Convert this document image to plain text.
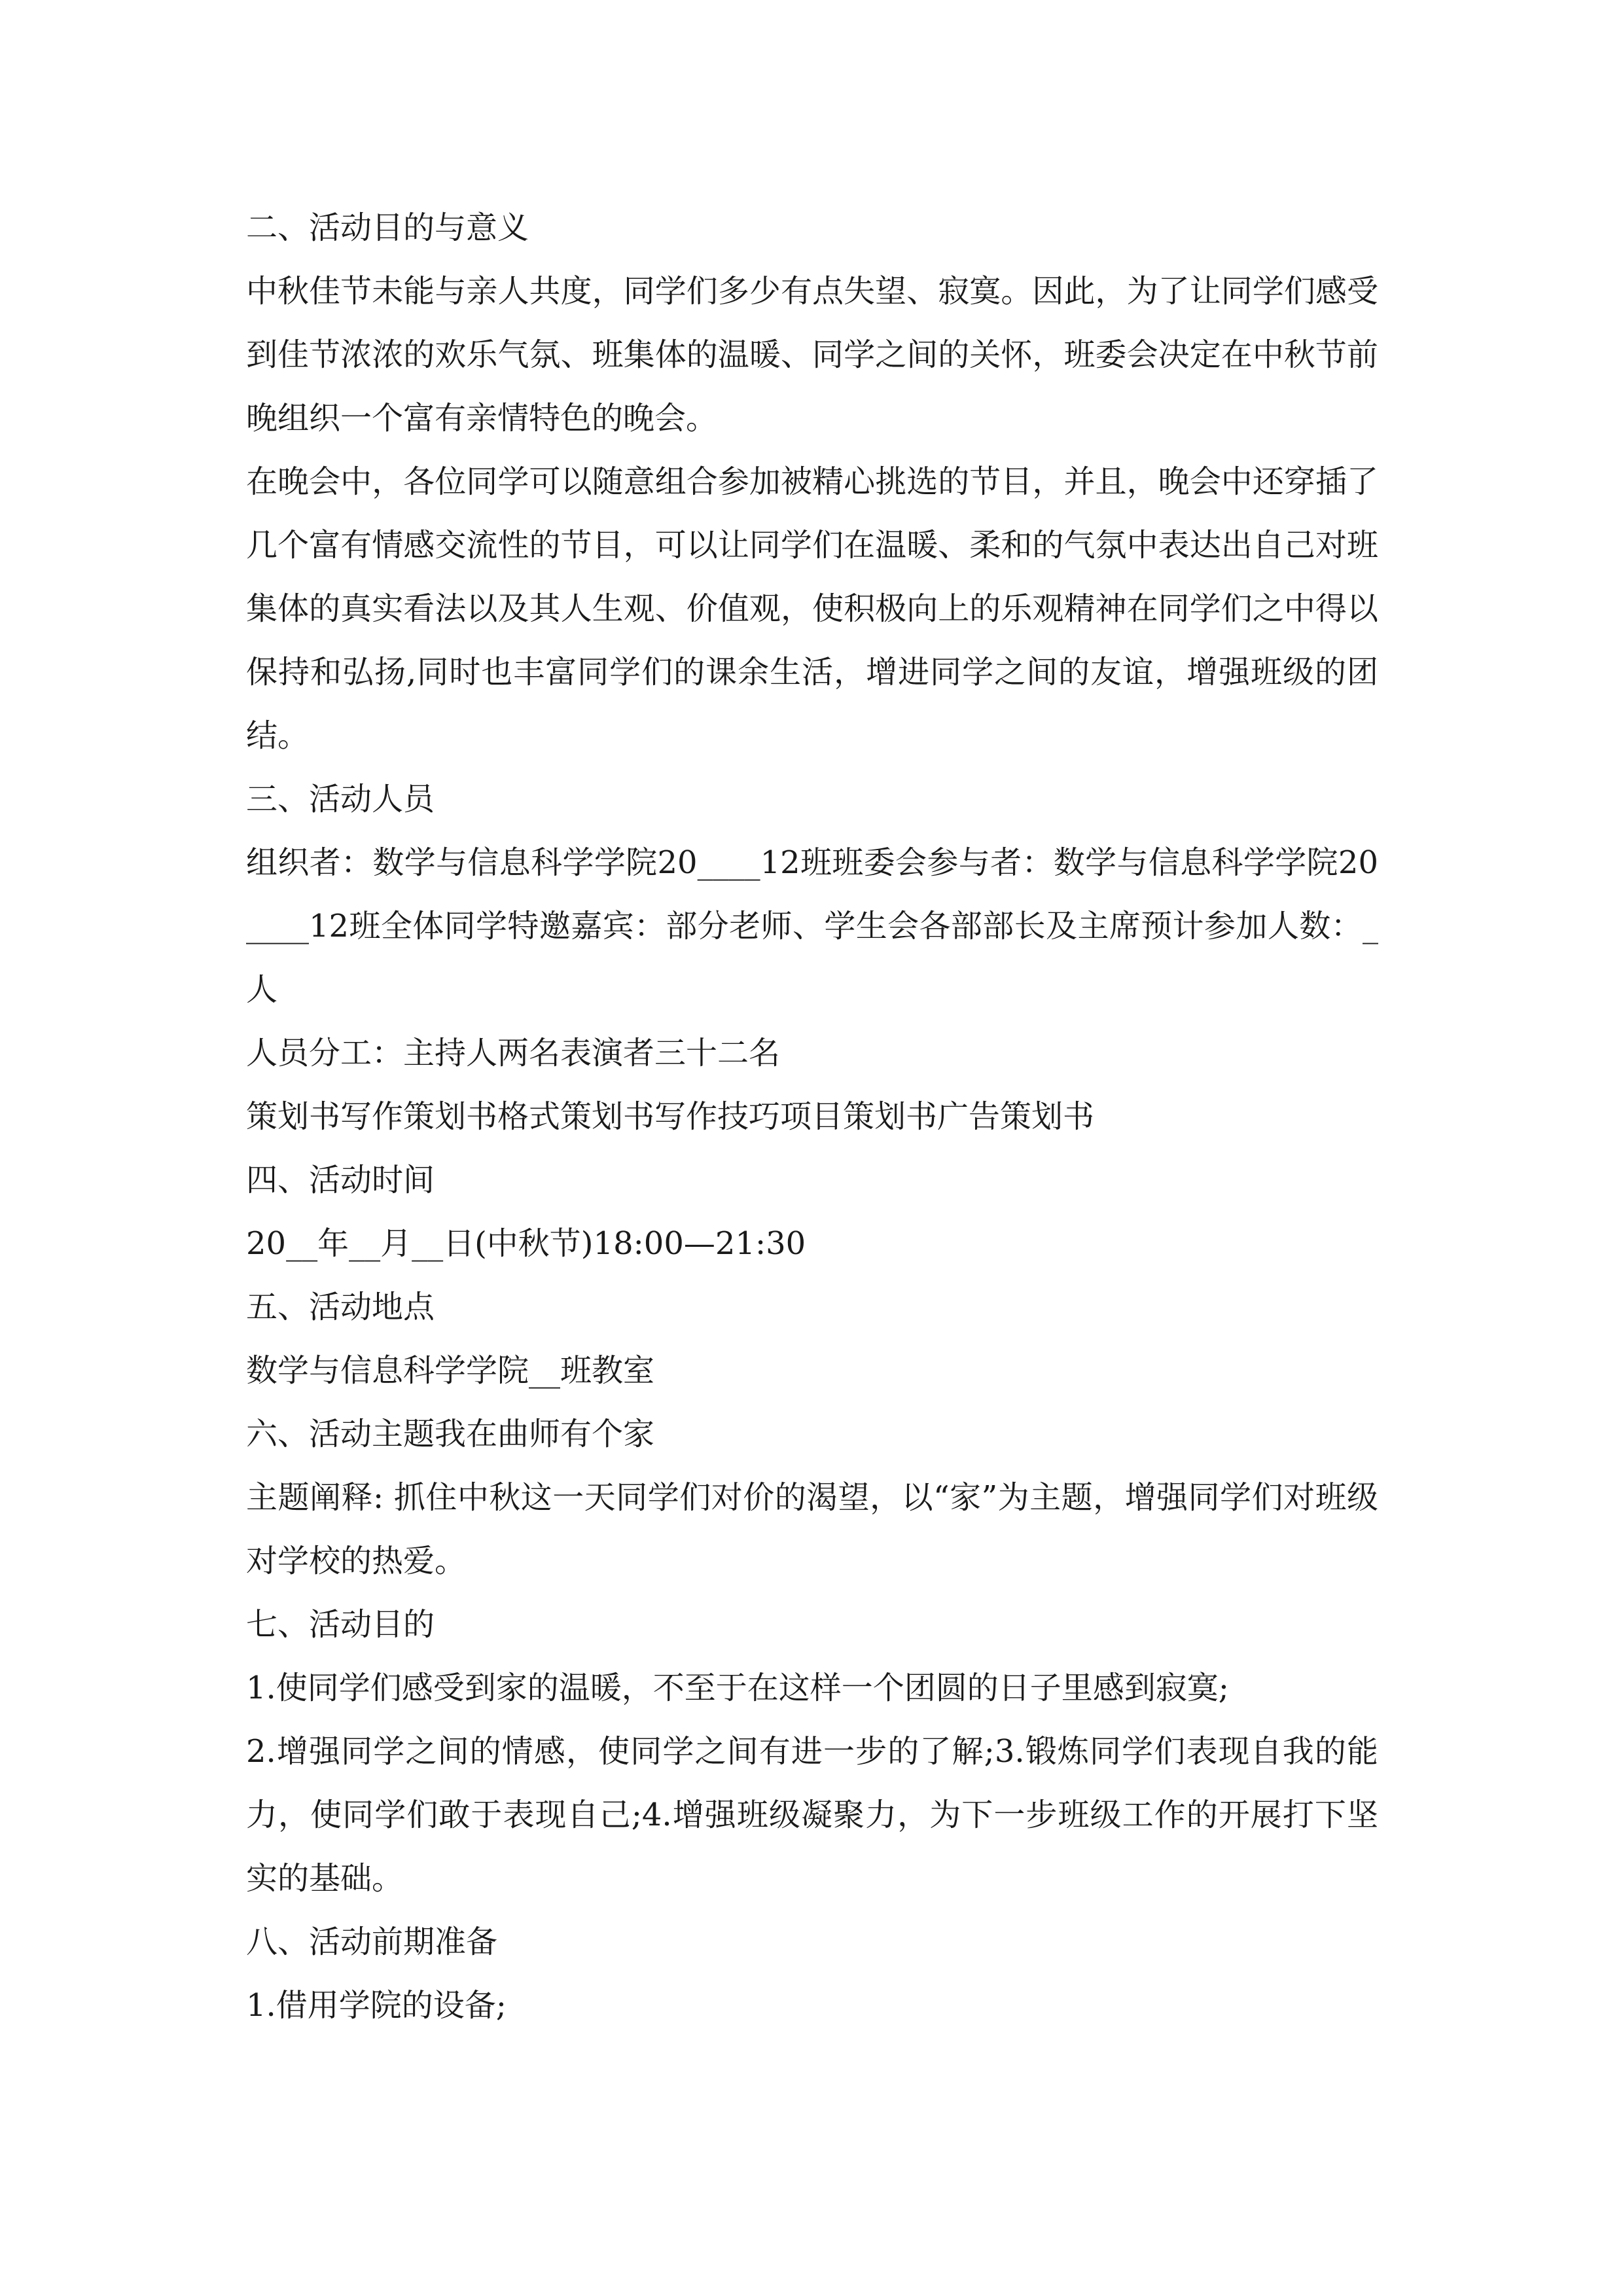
二、活动目的与意义

中秋佳节未能与亲人共度，同学们多少有点失望、寂寞。因此，为了让同学们感受到佳节浓浓的欢乐气氛、班集体的温暖、同学之间的关怀，班委会决定在中秋节前晚组织一个富有亲情特色的晚会。

在晚会中，各位同学可以随意组合参加被精心挑选的节目，并且，晚会中还穿插了几个富有情感交流性的节目，可以让同学们在温暖、柔和的气氛中表达出自己对班集体的真实看法以及其人生观、价值观，使积极向上的乐观精神在同学们之中得以保持和弘扬,同时也丰富同学们的课余生活，增进同学之间的友谊，增强班级的团结。

三、活动人员

组织者：数学与信息科学学院20____12班班委会参与者：数学与信息科学学院20____12班全体同学特邀嘉宾：部分老师、学生会各部部长及主席预计参加人数：_人

人员分工：主持人两名表演者三十二名

策划书写作策划书格式策划书写作技巧项目策划书广告策划书

四、活动时间

20__年__月__日(中秋节)18:00—21:30

五、活动地点

数学与信息科学学院__班教室

六、活动主题我在曲师有个家

主题阐释: 抓住中秋这一天同学们对价的渴望，以“家”为主题，增强同学们对班级对学校的热爱。

七、活动目的

1.使同学们感受到家的温暖，不至于在这样一个团圆的日子里感到寂寞;

2.增强同学之间的情感，使同学之间有进一步的了解;3.锻炼同学们表现自我的能力，使同学们敢于表现自己;4.增强班级凝聚力，为下一步班级工作的开展打下坚实的基础。

八、活动前期准备

1.借用学院的设备;
